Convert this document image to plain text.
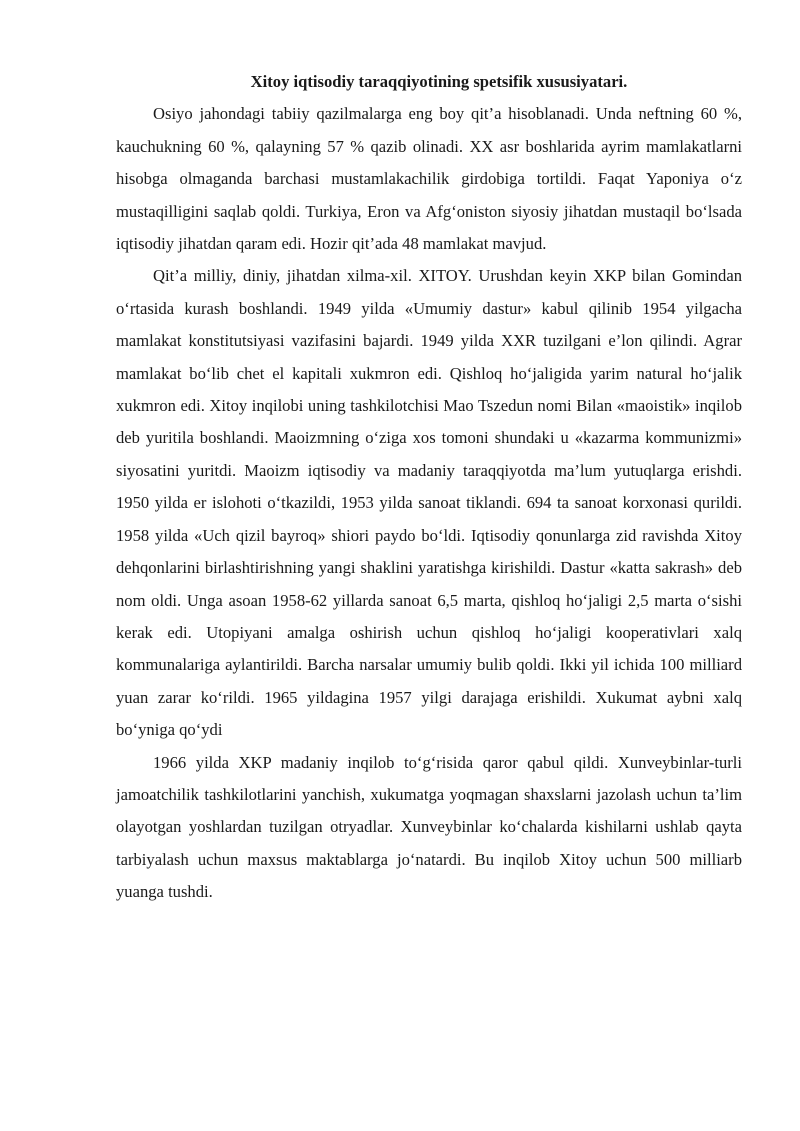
Xitoy iqtisodiy taraqqiyotining spetsifik xususiyatari.

Osiyo jahondagi tabiiy qazilmalarga eng boy qit’a hisoblanadi. Unda neftning 60 %, kauchukning 60 %, qalayning 57 % qazib olinadi. XX asr boshlarida ayrim mamlakatlarni hisobga olmaganda barchasi mustamlakachilik girdobiga tortildi. Faqat Yaponiya o‘z mustaqilligini saqlab qoldi. Turkiya, Eron va Afg‘oniston siyosiy jihatdan mustaqil bo‘lsada iqtisodiy jihatdan qaram edi. Hozir qit’ada 48 mamlakat mavjud.

Qit’a milliy, diniy, jihatdan xilma-xil. XITOY. Urushdan keyin XKP bilan Gomindan o‘rtasida kurash boshlandi. 1949 yilda «Umumiy dastur» kabul qilinib 1954 yilgacha mamlakat konstitutsiyasi vazifasini bajardi. 1949 yilda XXR tuzilgani e’lon qilindi. Agrar mamlakat bo‘lib chet el kapitali xukmron edi. Qishloq ho‘jaligida yarim natural ho‘jalik xukmron edi. Xitoy inqilobi uning tashkilotchisi Mao Tszedun nomi Bilan «maoistik» inqilob deb yuritila boshlandi. Maoizmning o‘ziga xos tomoni shundaki u «kazarma kommunizmi» siyosatini yuritdi. Maoizm iqtisodiy va madaniy taraqqiyotda ma’lum yutuqlarga erishdi. 1950 yilda er islohoti o‘tkazildi, 1953 yilda sanoat tiklandi. 694 ta sanoat korxonasi qurildi. 1958 yilda «Uch qizil bayroq» shiori paydo bo‘ldi. Iqtisodiy qonunlarga zid ravishda Xitoy dehqonlarini birlashtirishning yangi shaklini yaratishga kirishildi. Dastur «katta sakrash» deb nom oldi. Unga asoan 1958-62 yillarda sanoat 6,5 marta, qishloq ho‘jaligi 2,5 marta o‘sishi kerak edi. Utopiyani amalga oshirish uchun qishloq ho‘jaligi kooperativlari xalq kommunalariga aylantirildi. Barcha narsalar umumiy bulib qoldi. Ikki yil ichida 100 milliard yuan zarar ko‘rildi. 1965 yildagina 1957 yilgi darajaga erishildi. Xukumat aybni xalq bo‘yniga qo‘ydi

1966 yilda XKP madaniy inqilob to‘g‘risida qaror qabul qildi. Xunveybinlar-turli jamoatchilik tashkilotlarini yanchish, xukumatga yoqmagan shaxslarni jazolash uchun ta’lim olayotgan yoshlardan tuzilgan otryadlar. Xunveybinlar ko‘chalarda kishilarni ushlab qayta tarbiyalash uchun maxsus maktablarga jo‘natardi. Bu inqilob Xitoy uchun 500 milliarb yuanga tushdi.
